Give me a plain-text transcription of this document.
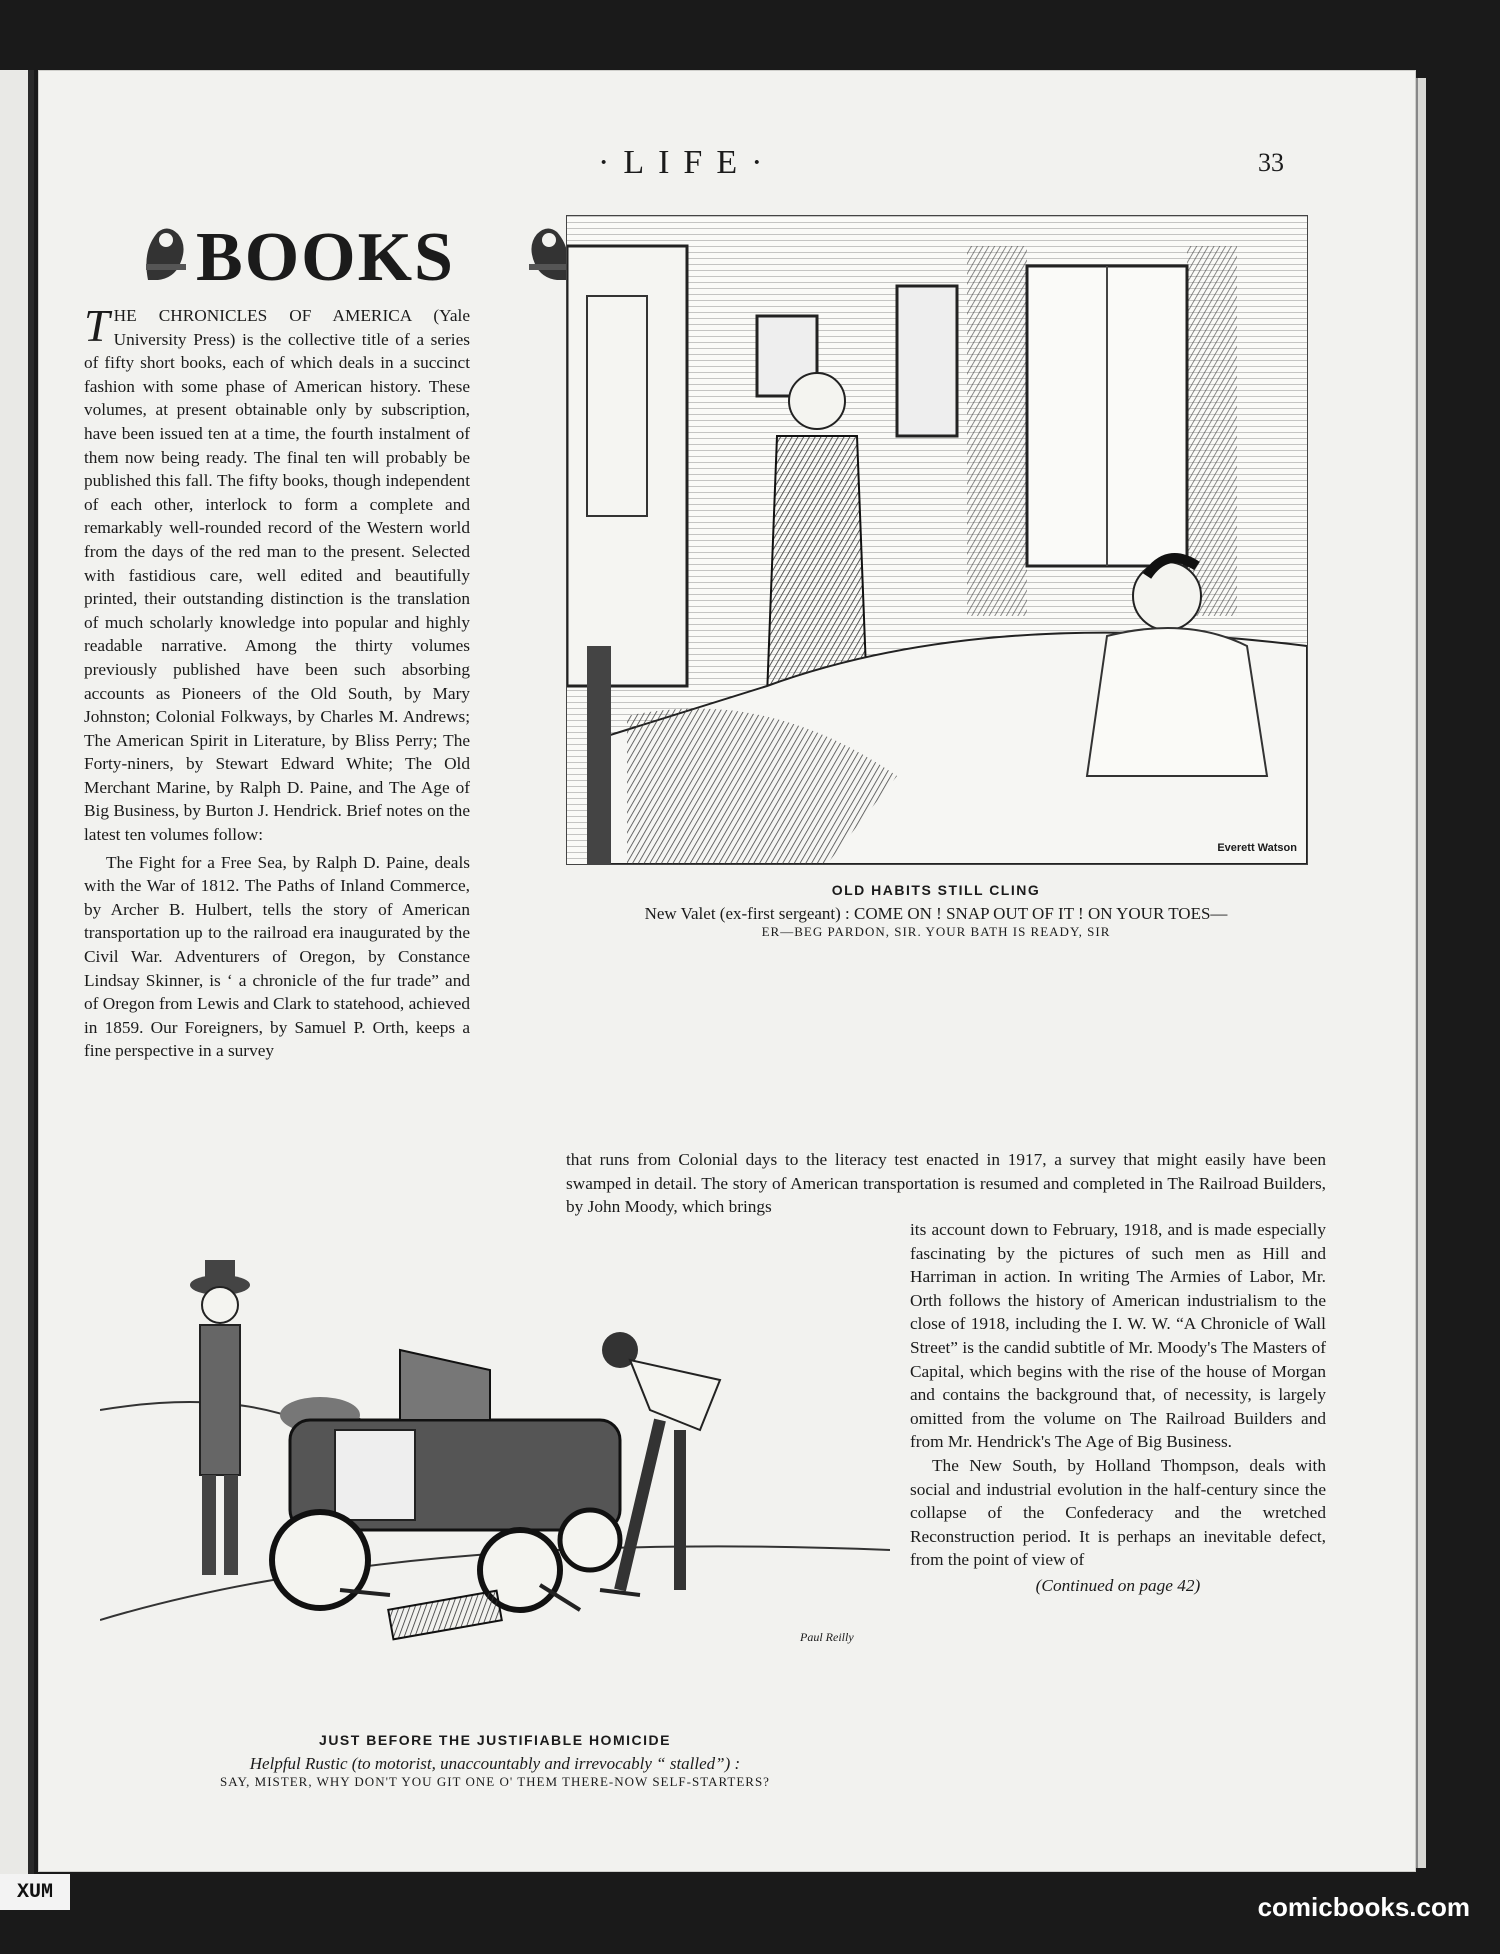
·LIFE·	33
BOOKS

THE CHRONICLES OF AMERICA (Yale University Press) is the collective title of a series of fifty short books, each of which deals in a succinct fashion with some phase of American history. These volumes, at present obtainable only by subscription, have been issued ten at a time, the fourth instalment of them now being ready. The final ten will probably be published this fall. The fifty books, though independent of each other, interlock to form a complete and remarkably well-rounded record of the Western world from the days of the red man to the present. Selected with fastidious care, well edited and beautifully printed, their outstanding distinction is the translation of much scholarly knowledge into popular and highly readable narrative. Among the thirty volumes previously published have been such absorbing accounts as Pioneers of the Old South, by Mary Johnston; Colonial Folkways, by Charles M. Andrews; The American Spirit in Literature, by Bliss Perry; The Forty-niners, by Stewart Edward White; The Old Merchant Marine, by Ralph D. Paine, and The Age of Big Business, by Burton J. Hendrick. Brief notes on the latest ten volumes follow:

The Fight for a Free Sea, by Ralph D. Paine, deals with the War of 1812. The Paths of Inland Commerce, by Archer B. Hulbert, tells the story of American transportation up to the railroad era inaugurated by the Civil War. Adventurers of Oregon, by Constance Lindsay Skinner, is ‘ a chronicle of the fur trade” and of Oregon from Lewis and Clark to statehood, achieved in 1859. Our Foreigners, by Samuel P. Orth, keeps a fine perspective in a survey

Everett Watson
OLD HABITS STILL CLING
New Valet (ex-first sergeant) : COME ON ! SNAP OUT OF IT ! ON YOUR TOES—
ER—BEG PARDON, SIR. YOUR BATH IS READY, SIR
that runs from Colonial days to the literacy test enacted in 1917, a survey that might easily have been swamped in detail. The story of American transportation is resumed and completed in The Railroad Builders, by John Moody, which brings

its account down to February, 1918, and is made especially fascinating by the pictures of such men as Hill and Harriman in action. In writing The Armies of Labor, Mr. Orth follows the history of American industrialism to the close of 1918, including the I. W. W. “A Chronicle of Wall Street” is the candid subtitle of Mr. Moody's The Masters of Capital, which begins with the rise of the house of Morgan and contains the background that, of necessity, is largely omitted from the volume on The Railroad Builders and from Mr. Hendrick's The Age of Big Business.

The New South, by Holland Thompson, deals with social and industrial evolution in the half-century since the collapse of the Confederacy and the wretched Reconstruction period. It is perhaps an inevitable defect, from the point of view of

(Continued on page 42)

Paul Reilly
JUST BEFORE THE JUSTIFIABLE HOMICIDE
Helpful Rustic (to motorist, unaccountably and irrevocably “ stalled”) :
SAY, MISTER, WHY DON'T YOU GIT ONE O' THEM THERE-NOW SELF-STARTERS?
XUM	comicbooks.com
